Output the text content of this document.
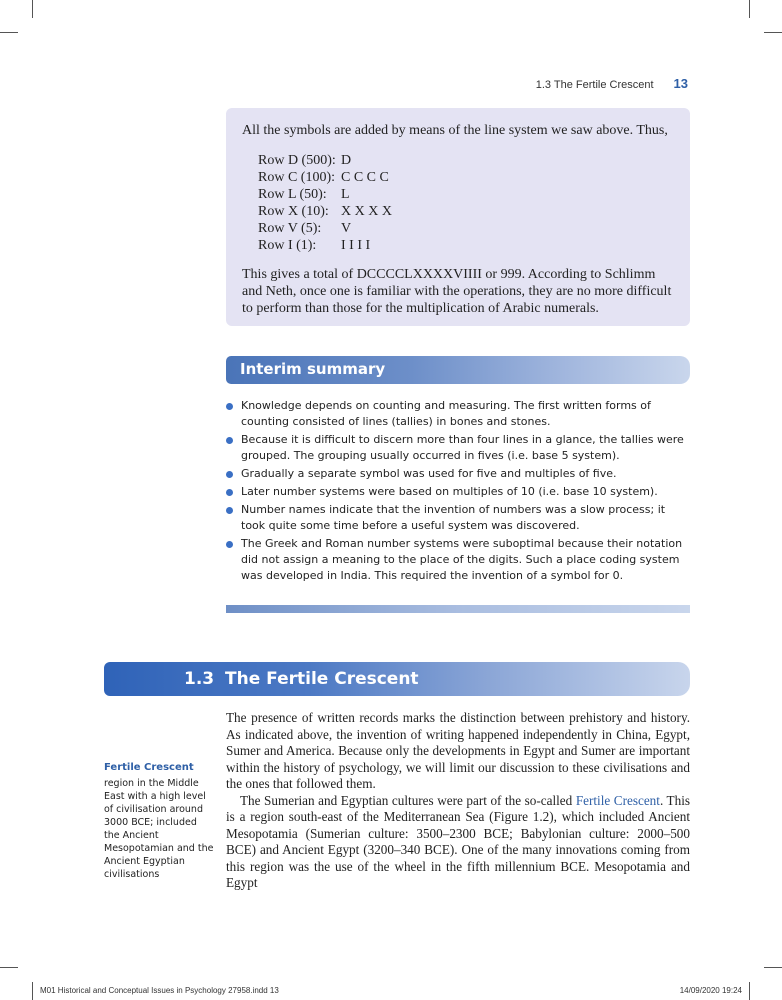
1.3 The Fertile Crescent 13

All the symbols are added by means of the line system we saw above. Thus,

Row D (500): D
Row C (100): C C C C
Row L (50):	L
Row X (10): X X X X
Row V (5):	V
Row I (1):	I I I I

This gives a total of DCCCCLXXXXVIIII or 999. According to Schlimm and Neth, once one is familiar with the operations, they are no more difficult to perform than those for the multiplication of Arabic numerals.

Interim summary
Knowledge depends on counting and measuring. The first written forms of counting consisted of lines (tallies) in bones and stones.
Because it is difficult to discern more than four lines in a glance, the tallies were grouped. The grouping usually occurred in fives (i.e. base 5 system).
Gradually a separate symbol was used for five and multiples of five.
Later number systems were based on multiples of 10 (i.e. base 10 system).
Number names indicate that the invention of numbers was a slow process; it took quite some time before a useful system was discovered.
The Greek and Roman number systems were suboptimal because their notation did not assign a meaning to the place of the digits. Such a place coding system was developed in India. This required the invention of a symbol for 0.
1.3 The Fertile Crescent
Fertile Crescent
region in the Middle East with a high level of civilisation around 3000 BCE; included the Ancient Mesopotamian and the Ancient Egyptian civilisations

The presence of written records marks the distinction between prehistory and history. As indicated above, the invention of writing happened independently in China, Egypt, Sumer and America. Because only the developments in Egypt and Sumer are important within the history of psychology, we will limit our discussion to these civilisations and the ones that followed them.

The Sumerian and Egyptian cultures were part of the so-called Fertile Crescent. This is a region south-east of the Mediterranean Sea (Figure 1.2), which included Ancient Mesopotamia (Sumerian culture: 3500–2300 BCE; Babylonian culture: 2000–500 BCE) and Ancient Egypt (3200–340 BCE). One of the many innovations coming from this region was the use of the wheel in the fifth millennium BCE. Mesopotamia and Egypt

M01 Historical and Conceptual Issues in Psychology 27958.indd 13	14/09/2020 19:24
